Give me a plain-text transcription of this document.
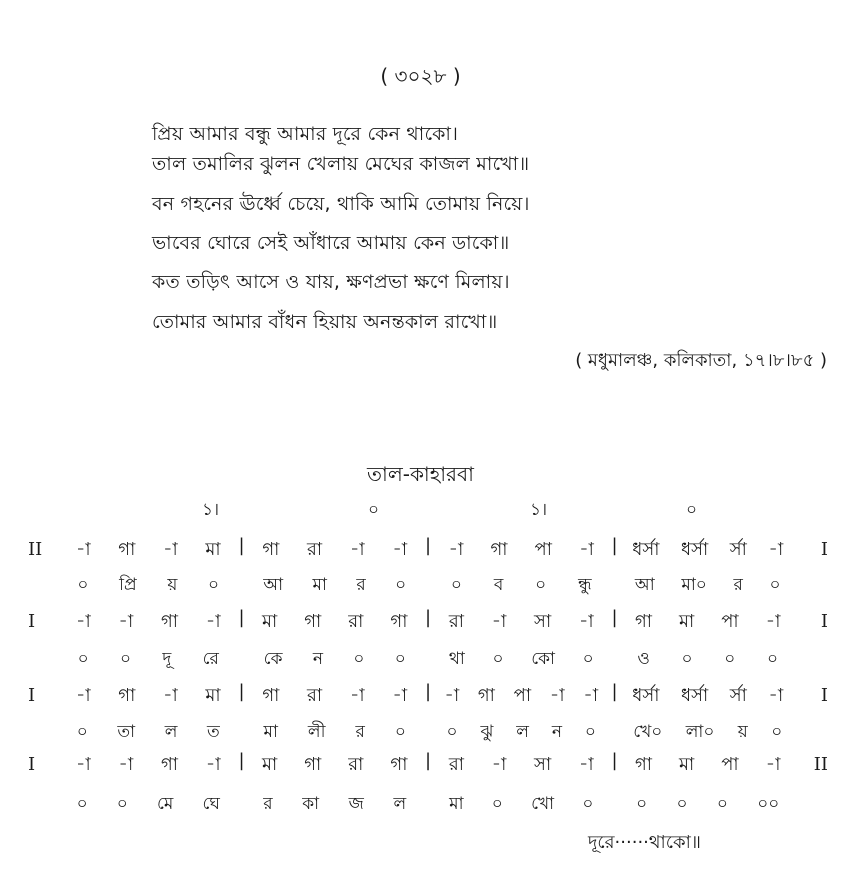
( ৩০২৮ )
প্রিয় আমার বন্ধু আমার দূরে কেন থাকো।
তাল তমালির ঝুলন খেলায় মেঘের কাজল মাখো॥
বন গহনের ঊর্ধ্বে চেয়ে, থাকি আমি তোমায় নিয়ে।
ভাবের ঘোরে সেই আঁধারে আমায় কেন ডাকো॥
কত তড়িৎ আসে ও যায়, ক্ষণপ্রভা ক্ষণে মিলায়।
তোমার আমার বাঁধন হিয়ায় অনন্তকাল রাখো॥
( মধুমালঞ্চ, কলিকাতা, ১৭।৮।৮৫ )
তাল-কাহারবা
১।	০	১।	০
II	-া গা -া মা | গা রা -া -া | -া গা পা -া | ধর্সা ধর্সা র্সা -া	I
০ প্রি য় ০	আ মা র ০	০ ব ০ ন্ধু	আ মা০ র ০
I	-া -া গা -া | মা গা রা গা | রা -া সা -া | গা মা পা -া	I
০ ০ দূ রে	কে ন ০ ০	থা ০ কো ০	ও ০ ০ ০
I	-া গা -া মা | গা রা -া -া | -া গা পা -া -া | ধর্সা ধর্সা র্সা -া	I
০ তা ল ত	মা লী র ০ ০ ঝু ল ন ০ খে০ লা০ য় ০
I	-া -া গা -া | মা গা রা গা | রা -া সা -া | গা মা পা -া	II
০ ০ মে ঘে	র কা জ ল	মা ০ খো ০	০ ০ ০ ০০
দূরে······থাকো॥
